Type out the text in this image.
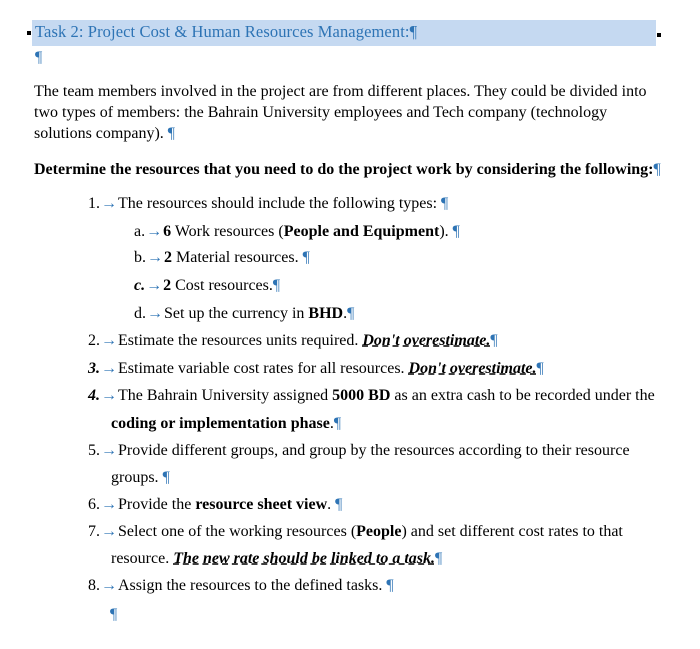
Task 2: Project Cost & Human Resources Management:¶
¶
The team members involved in the project are from different places. They could be divided into
two types of members: the Bahrain University employees and Tech company (technology
solutions company). ¶
Determine the resources that you need to do the project work by considering the following:¶
1.→The resources should include the following types: ¶
a.→6 Work resources (People and Equipment). ¶
b.→2 Material resources. ¶
c.→2 Cost resources.¶
d.→Set up the currency in BHD.¶
2.→Estimate the resources units required. Don't overestimate.¶
3.→Estimate variable cost rates for all resources. Don't overestimate.¶
4.→The Bahrain University assigned 5000 BD as an extra cash to be recorded under the
coding or implementation phase.¶
5.→Provide different groups, and group by the resources according to their resource
groups. ¶
6.→Provide the resource sheet view. ¶
7.→Select one of the working resources (People) and set different cost rates to that
resource. The new rate should be linked to a task.¶
8.→Assign the resources to the defined tasks. ¶
¶
